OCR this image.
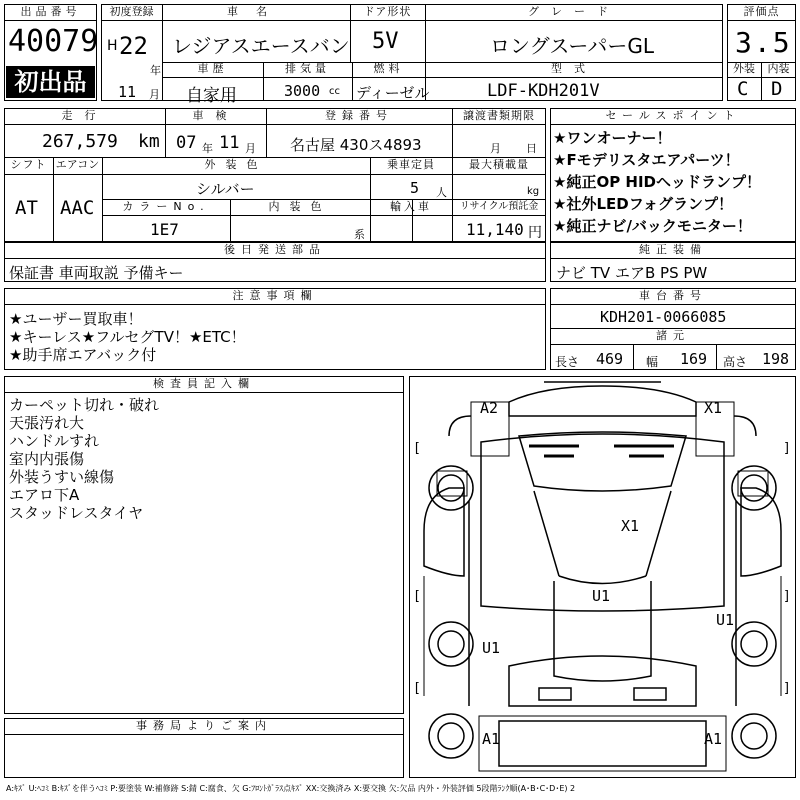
出品番号
40079
初出品
初度登録
H 22
年
11 月
車名
レジアスエースバン
ドア形状
5V
グレード
ロングスーパーGL
車歴
自家用
排気量
3000 cc
燃料
ディーゼル
型式
LDF-KDH201V
評価点
3.5
外装	内装
C D
走行
267,579 km
車検
07 年 11 月
登録番号
名古屋 430ス4893
譲渡書類期限
月 日
シフト
AT
エアコン
AAC
外装色
シルバー
乗車定員
5 人
最大積載量
kg
カラーNo.
1E7
内装色
系
輸入車	リサイクル預託金
11,140 円
後日発送部品
保証書 車両取説 予備キー
セールスポイント
★ワンオーナー！
★Fモデリスタエアパーツ！
★純正OP HIDヘッドランプ！
★社外LEDフォグランプ！
★純正ナビ/バックモニター！
純正装備
ナビ TV エアB PS PW
注意事項欄
★ユーザー買取車！
★キーレス★フルセグTV！★ETC！
★助手席エアバック付
車台番号
KDH201-0066085
諸元
長さ 469 幅 169 高さ 198
検査員記入欄
カーペット切れ・破れ
天張汚れ大
ハンドルすれ
室内内張傷
外装うすい線傷
エアロ下A
スタッドレスタイヤ
事務局よりご案内
[	]
[	]
[	]
A2	X1
X1
U1
U1
U1
A1	A1
A:ｷｽﾞ U:ﾍｺﾐ B:ｷｽﾞを伴うﾍｺﾐ P:要塗装 W:補修跡 S:錆 C:腐食、欠 G:ﾌﾛﾝﾄｶﾞﾗｽ点ｷｽﾞ XX:交換済み X:要交換 欠:欠品 内外・外装評価 5段階ﾗﾝｸ順(A･B･C･D･E) 2
